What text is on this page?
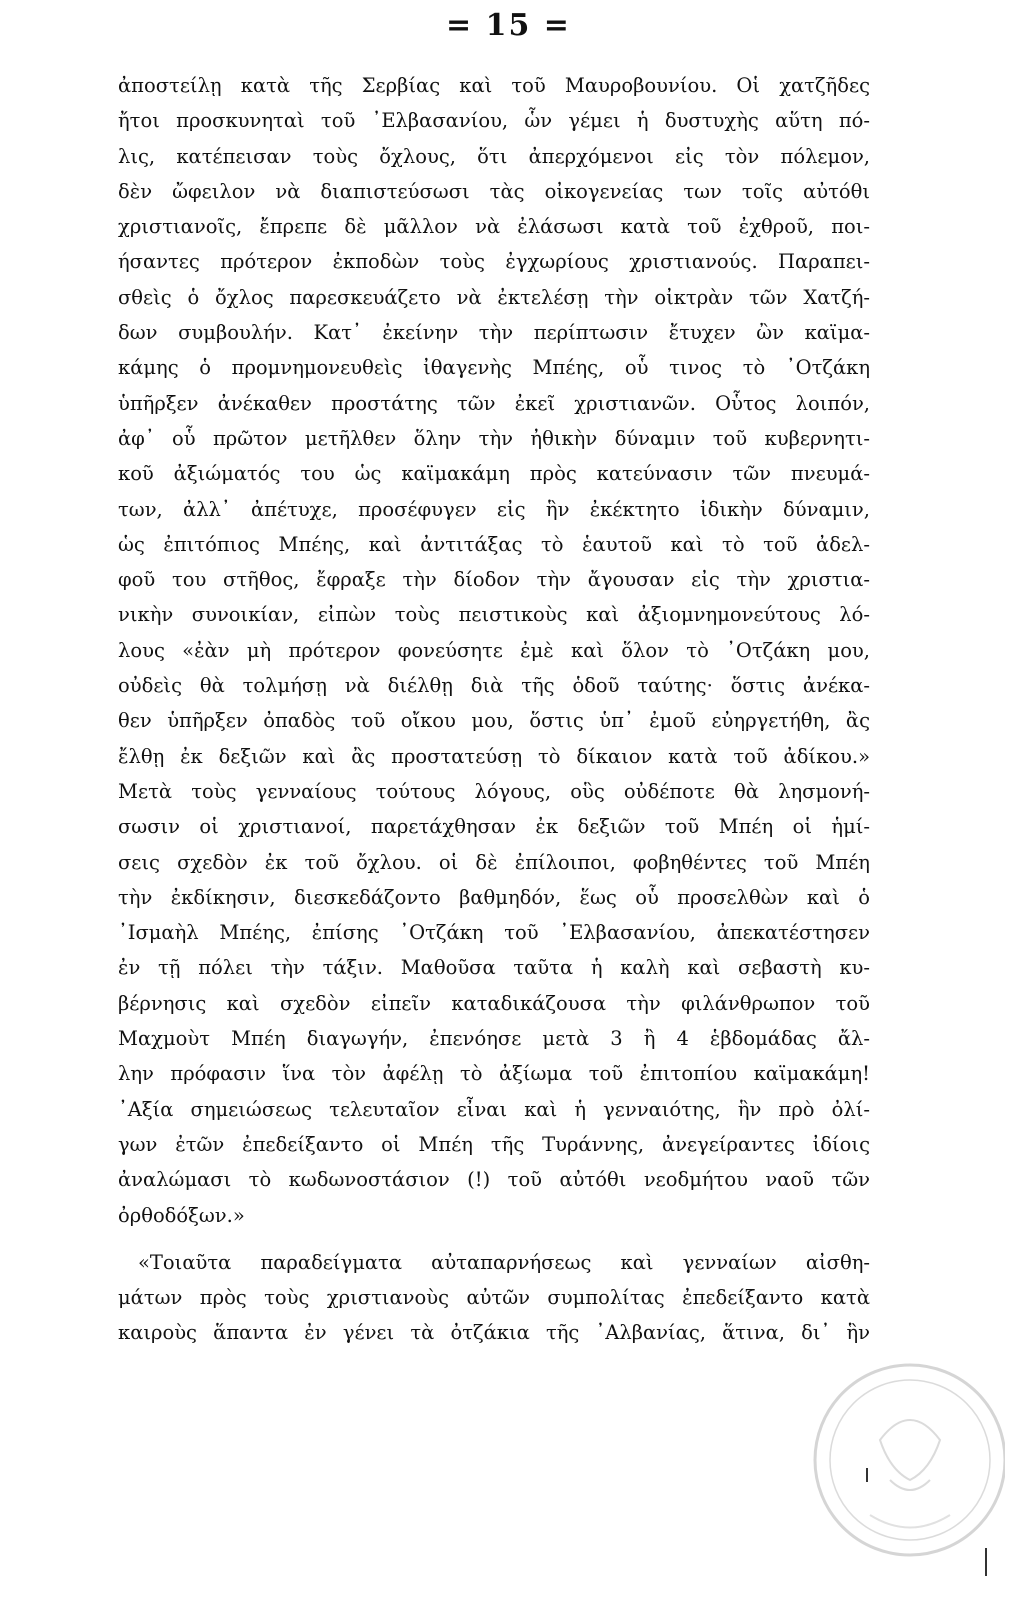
= 15 =
ἀποστείλῃ κατὰ τῆς Σερβίας καὶ τοῦ Μαυροβουνίου. Οἱ χατζῆδες
ἤτοι προσκυνηταὶ τοῦ ᾿Ελβασανίου, ὧν γέμει ἡ δυστυχὴς αὕτη πό-
λις, κατέπεισαν τοὺς ὄχλους, ὅτι ἀπερχόμενοι εἰς τὸν πόλεμον,
δὲν ὤφειλον νὰ διαπιστεύσωσι τὰς οἰκογενείας των τοῖς αὐτόθι
χριστιανοῖς, ἔπρεπε δὲ μᾶλλον νὰ ἐλάσωσι κατὰ τοῦ ἐχθροῦ, ποι-
ήσαντες πρότερον ἐκποδὼν τοὺς ἐγχωρίους χριστιανούς. Παραπει-
σθεὶς ὁ ὄχλος παρεσκευάζετο νὰ ἐκτελέσῃ τὴν οἰκτρὰν τῶν Χατζή-
δων συμβουλήν. Κατ᾿ ἐκείνην τὴν περίπτωσιν ἔτυχεν ὢν καϊμα-
κάμης ὁ προμνημονευθεὶς ἰθαγενὴς Μπέης, οὗ τινος τὸ ᾿Οτζάκη
ὑπῆρξεν ἀνέκαθεν προστάτης τῶν ἐκεῖ χριστιανῶν. Οὗτος λοιπόν,
ἀφ᾿ οὗ πρῶτον μετῆλθεν ὅλην τὴν ἠθικὴν δύναμιν τοῦ κυβερνητι-
κοῦ ἀξιώματός του ὡς καϊμακάμη πρὸς κατεύνασιν τῶν πνευμά-
των, ἀλλ᾿ ἀπέτυχε, προσέφυγεν εἰς ἣν ἐκέκτητο ἰδικὴν δύναμιν,
ὡς ἐπιτόπιος Μπέης, καὶ ἀντιτάξας τὸ ἑαυτοῦ καὶ τὸ τοῦ ἀδελ-
φοῦ του στῆθος, ἔφραξε τὴν δίοδον τὴν ἄγουσαν εἰς τὴν χριστια-
νικὴν συνοικίαν, εἰπὼν τοὺς πειστικοὺς καὶ ἀξιομνημονεύτους λό-
λους «ἐὰν μὴ πρότερον φονεύσητε ἐμὲ καὶ ὅλον τὸ ᾿Οτζάκη μου,
οὐδεὶς θὰ τολμήσῃ νὰ διέλθῃ διὰ τῆς ὁδοῦ ταύτης· ὅστις ἀνέκα-
θεν ὑπῆρξεν ὀπαδὸς τοῦ οἴκου μου, ὅστις ὑπ᾿ ἐμοῦ εὐηργετήθη, ἂς
ἔλθῃ ἐκ δεξιῶν καὶ ἂς προστατεύσῃ τὸ δίκαιον κατὰ τοῦ ἀδίκου.»
Μετὰ τοὺς γενναίους τούτους λόγους, οὓς οὐδέποτε θὰ λησμονή-
σωσιν οἱ χριστιανοί, παρετάχθησαν ἐκ δεξιῶν τοῦ Μπέη οἱ ἡμί-
σεις σχεδὸν ἐκ τοῦ ὄχλου. οἱ δὲ ἐπίλοιποι, φοβηθέντες τοῦ Μπέη
τὴν ἐκδίκησιν, διεσκεδάζοντο βαθμηδόν, ἕως οὗ προσελθὼν καὶ ὁ
᾿Ισμαὴλ Μπέης, ἐπίσης ᾿Οτζάκη τοῦ ᾿Ελβασανίου, ἀπεκατέστησεν
ἐν τῇ πόλει τὴν τάξιν. Μαθοῦσα ταῦτα ἡ καλὴ καὶ σεβαστὴ κυ-
βέρνησις καὶ σχεδὸν εἰπεῖν καταδικάζουσα τὴν φιλάνθρωπον τοῦ
Μαχμοὺτ Μπέη διαγωγήν, ἐπενόησε μετὰ 3 ἢ 4 ἑβδομάδας ἄλ-
λην πρόφασιν ἵνα τὸν ἀφέλῃ τὸ ἀξίωμα τοῦ ἐπιτοπίου καϊμακάμη!
᾿Αξία σημειώσεως τελευταῖον εἶναι καὶ ἡ γενναιότης, ἣν πρὸ ὀλί-
γων ἐτῶν ἐπεδείξαντο οἱ Μπέη τῆς Τυράννης, ἀνεγείραντες ἰδίοις
ἀναλώμασι τὸ κωδωνοστάσιον (!) τοῦ αὐτόθι νεοδμήτου ναοῦ τῶν
ὀρθοδόξων.»
«Τοιαῦτα παραδείγματα αὐταπαρνήσεως καὶ γενναίων αἰσθη-
μάτων πρὸς τοὺς χριστιανοὺς αὐτῶν συμπολίτας ἐπεδείξαντο κατὰ
καιροὺς ἅπαντα ἐν γένει τὰ ὀτζάκια τῆς ᾿Αλβανίας, ἅτινα, δι᾿ ἣν
